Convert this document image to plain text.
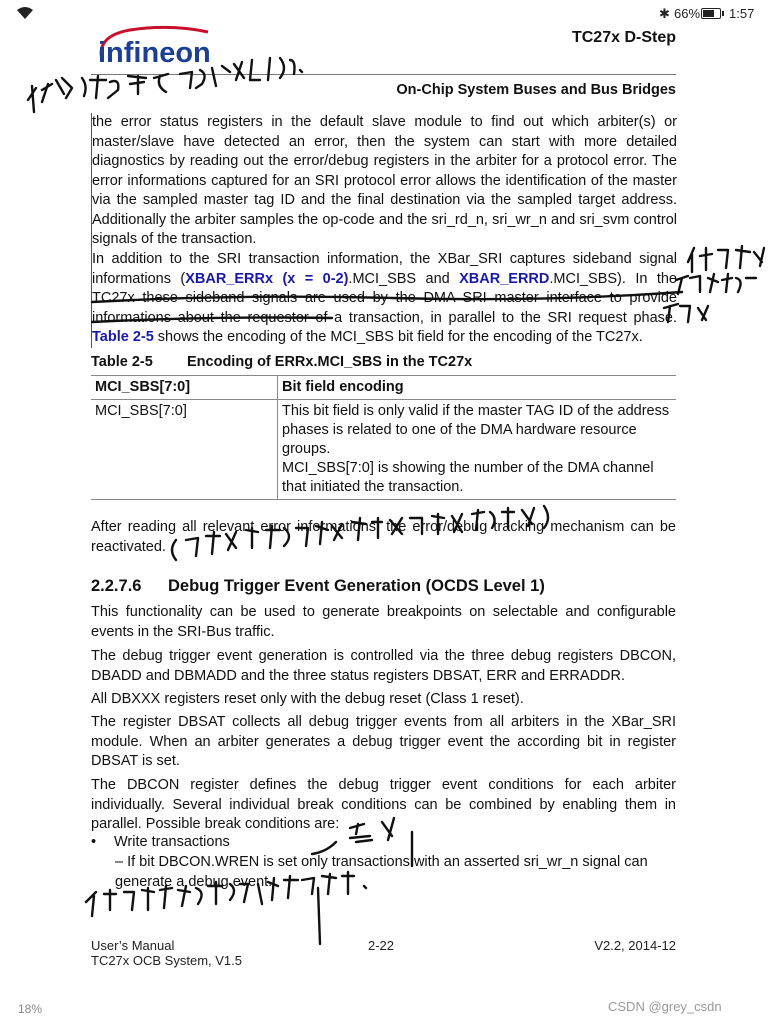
✱ 66% 1:57
infineon	TC27x D-Step
On-Chip System Buses and Bus Bridges
the error status registers in the default slave module to find out which arbiter(s) or master/slave have detected an error, then the system can start with more detailed diagnostics by reading out the error/debug registers in the arbiter for a protocol error. The error informations captured for an SRI protocol error allows the identification of the master via the sampled master tag ID and the final destination via the sampled target address. Additionally the arbiter samples the op-code and the sri_rd_n, sri_wr_n and sri_svm control signals of the transaction.
In addition to the SRI transaction information, the XBar_SRI captures sideband signal informations (XBAR_ERRx (x = 0-2).MCI_SBS and XBAR_ERRD.MCI_SBS). In the TC27x these sideband signals are used by the DMA SRI master interface to provide informations about the requestor of a transaction, in parallel to the SRI request phase. Table 2-5 shows the encoding of the MCI_SBS bit field for the encoding of the TC27x.
Table 2-5 Encoding of ERRx.MCI_SBS in the TC27x
MCI_SBS[7:0]	Bit field encoding
MCI_SBS[7:0]	This bit field is only valid if the master TAG ID of the address phases is related to one of the DMA hardware resource groups.
MCI_SBS[7:0] is showing the number of the DMA channel that initiated the transaction.
After reading all relevant error informations, the error/debug tracking mechanism can be reactivated.
2.2.7.6 Debug Trigger Event Generation (OCDS Level 1)
This functionality can be used to generate breakpoints on selectable and configurable events in the SRI-Bus traffic.
The debug trigger event generation is controlled via the three debug registers DBCON, DBADD and DBMADD and the three status registers DBSAT, ERR and ERRADDR.
All DBXXX registers reset only with the debug reset (Class 1 reset).
The register DBSAT collects all debug trigger events from all arbiters in the XBar_SRI module. When an arbiter generates a debug trigger event the according bit in register DBSAT is set.
The DBCON register defines the debug trigger event conditions for each arbiter individually. Several individual break conditions can be combined by enabling them in parallel. Possible break conditions are:
• Write transactions
– If bit DBCON.WREN is set only transactions with an asserted sri_wr_n signal can generate a debug event.
User’s Manual
TC27x OCB System, V1.5
2-22	V2.2, 2014-12
18%	CSDN @grey_csdn
